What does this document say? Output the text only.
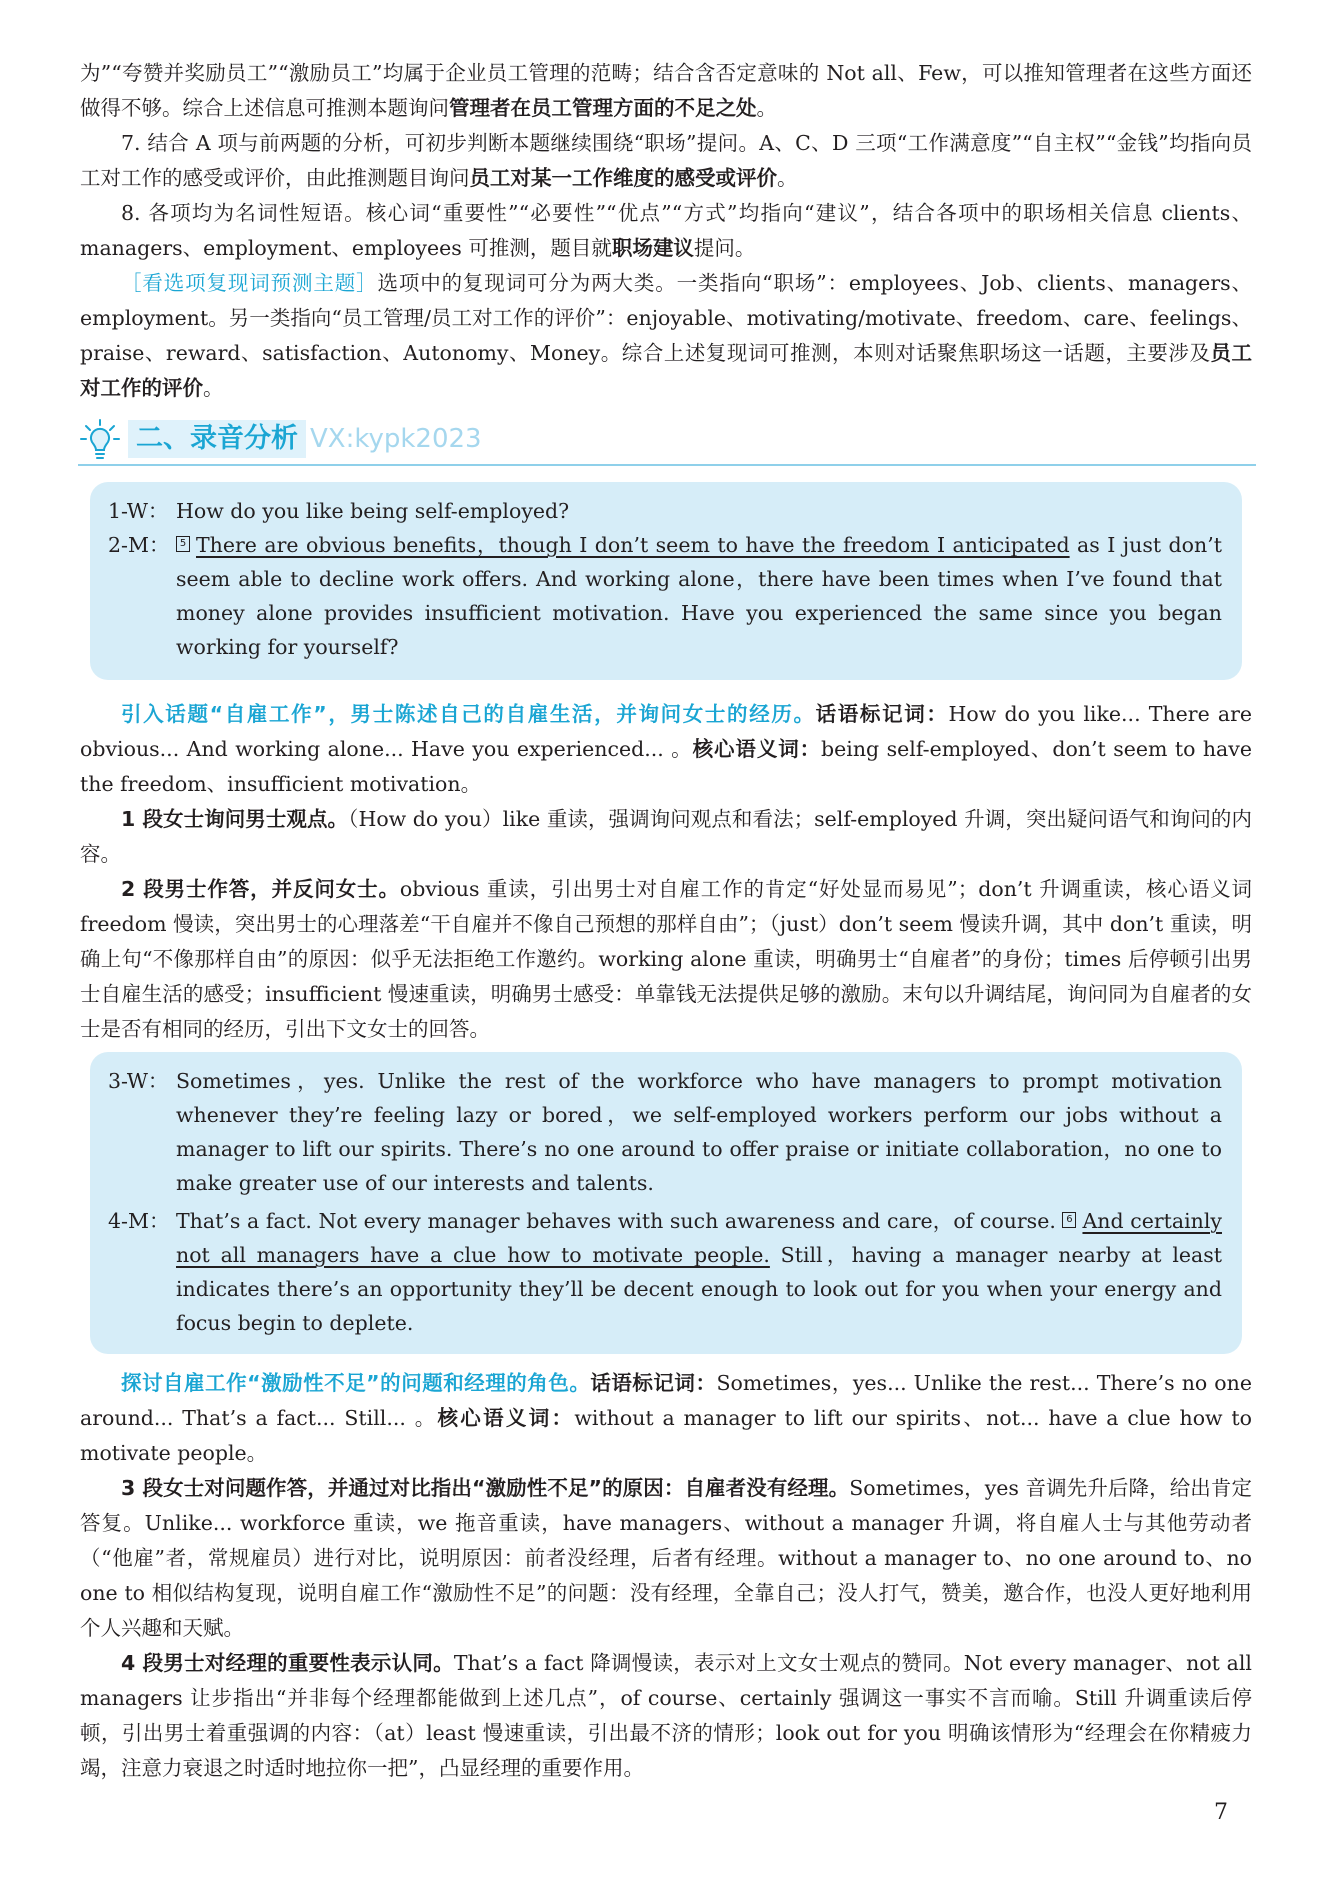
为”“夸赞并奖励员工”“激励员工”均属于企业员工管理的范畴；结合含否定意味的 Not all、Few，可以推知管理者在这些方面还做得不够。综合上述信息可推测本题询问管理者在员工管理方面的不足之处。

7. 结合 A 项与前两题的分析，可初步判断本题继续围绕“职场”提问。A、C、D 三项“工作满意度”“自主权”“金钱”均指向员工对工作的感受或评价，由此推测题目询问员工对某一工作维度的感受或评价。

8. 各项均为名词性短语。核心词“重要性”“必要性”“优点”“方式”均指向“建议”，结合各项中的职场相关信息 clients、managers、employment、employees 可推测，题目就职场建议提问。

［看选项复现词预测主题］选项中的复现词可分为两大类。一类指向“职场”：employees、Job、clients、managers、employment。另一类指向“员工管理/员工对工作的评价”：enjoyable、motivating/motivate、freedom、care、feelings、praise、reward、satisfaction、Autonomy、Money。综合上述复现词可推测，本则对话聚焦职场这一话题，主要涉及员工对工作的评价。

二、录音分析 VX:kypk2023
1-W： How do you like being self-employed?
2-M： 5 There are obvious benefits，though I don’t seem to have the freedom I anticipated as I just don’t seem able to decline work offers. And working alone，there have been times when I’ve found that money alone provides insufficient motivation. Have you experienced the same since you began working for yourself?

引入话题“自雇工作”，男士陈述自己的自雇生活，并询问女士的经历。话语标记词：How do you like... There are obvious... And working alone... Have you experienced... 。核心语义词：being self-employed、don’t seem to have the freedom、insufficient motivation。

1 段女士询问男士观点。（How do you）like 重读，强调询问观点和看法；self-employed 升调，突出疑问语气和询问的内容。

2 段男士作答，并反问女士。obvious 重读，引出男士对自雇工作的肯定“好处显而易见”；don’t 升调重读，核心语义词 freedom 慢读，突出男士的心理落差“干自雇并不像自己预想的那样自由”；（just）don’t seem 慢读升调，其中 don’t 重读，明确上句“不像那样自由”的原因：似乎无法拒绝工作邀约。working alone 重读，明确男士“自雇者”的身份；times 后停顿引出男士自雇生活的感受；insufficient 慢速重读，明确男士感受：单靠钱无法提供足够的激励。末句以升调结尾，询问同为自雇者的女士是否有相同的经历，引出下文女士的回答。

3-W： Sometimes，yes. Unlike the rest of the workforce who have managers to prompt motivation whenever they’re feeling lazy or bored，we self-employed workers perform our jobs without a manager to lift our spirits. There’s no one around to offer praise or initiate collaboration，no one to make greater use of our interests and talents.
4-M： That’s a fact. Not every manager behaves with such awareness and care，of course. 6 And certainly not all managers have a clue how to motivate people. Still，having a manager nearby at least indicates there’s an opportunity they’ll be decent enough to look out for you when your energy and focus begin to deplete.

探讨自雇工作“激励性不足”的问题和经理的角色。话语标记词：Sometimes，yes... Unlike the rest... There’s no one around... That’s a fact... Still... 。核心语义词：without a manager to lift our spirits、not... have a clue how to motivate people。

3 段女士对问题作答，并通过对比指出“激励性不足”的原因：自雇者没有经理。Sometimes，yes 音调先升后降，给出肯定答复。Unlike... workforce 重读，we 拖音重读，have managers、without a manager 升调，将自雇人士与其他劳动者（“他雇”者，常规雇员）进行对比，说明原因：前者没经理，后者有经理。without a manager to、no one around to、no one to 相似结构复现，说明自雇工作“激励性不足”的问题：没有经理，全靠自己；没人打气，赞美，邀合作，也没人更好地利用个人兴趣和天赋。

4 段男士对经理的重要性表示认同。That’s a fact 降调慢读，表示对上文女士观点的赞同。Not every manager、not all managers 让步指出“并非每个经理都能做到上述几点”，of course、certainly 强调这一事实不言而喻。Still 升调重读后停顿，引出男士着重强调的内容：（at）least 慢速重读，引出最不济的情形；look out for you 明确该情形为“经理会在你精疲力竭，注意力衰退之时适时地拉你一把”，凸显经理的重要作用。

7
